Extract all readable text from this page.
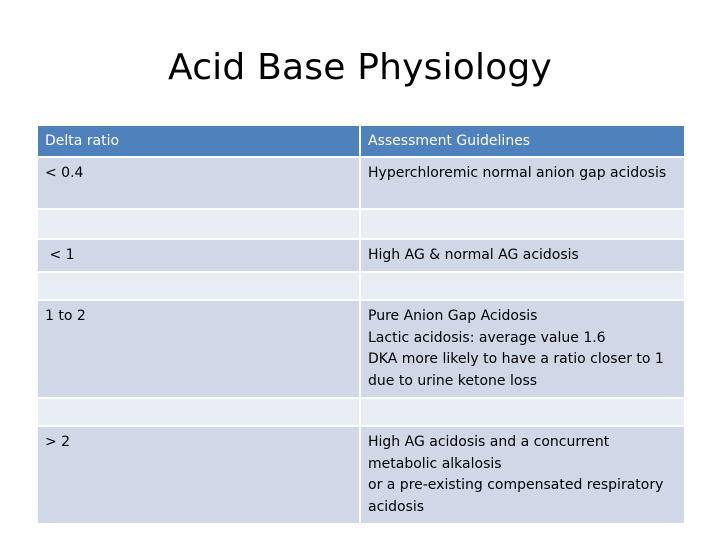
Acid Base Physiology
Delta ratio	Assessment Guidelines
< 0.4	Hyperchloremic normal anion gap acidosis

< 1	High AG & normal AG acidosis

1 to 2	Pure Anion Gap Acidosis
Lactic acidosis: average value 1.6
DKA more likely to have a ratio closer to 1 due to urine ketone loss

> 2	High AG acidosis and a concurrent metabolic alkalosis
or a pre-existing compensated respiratory acidosis
